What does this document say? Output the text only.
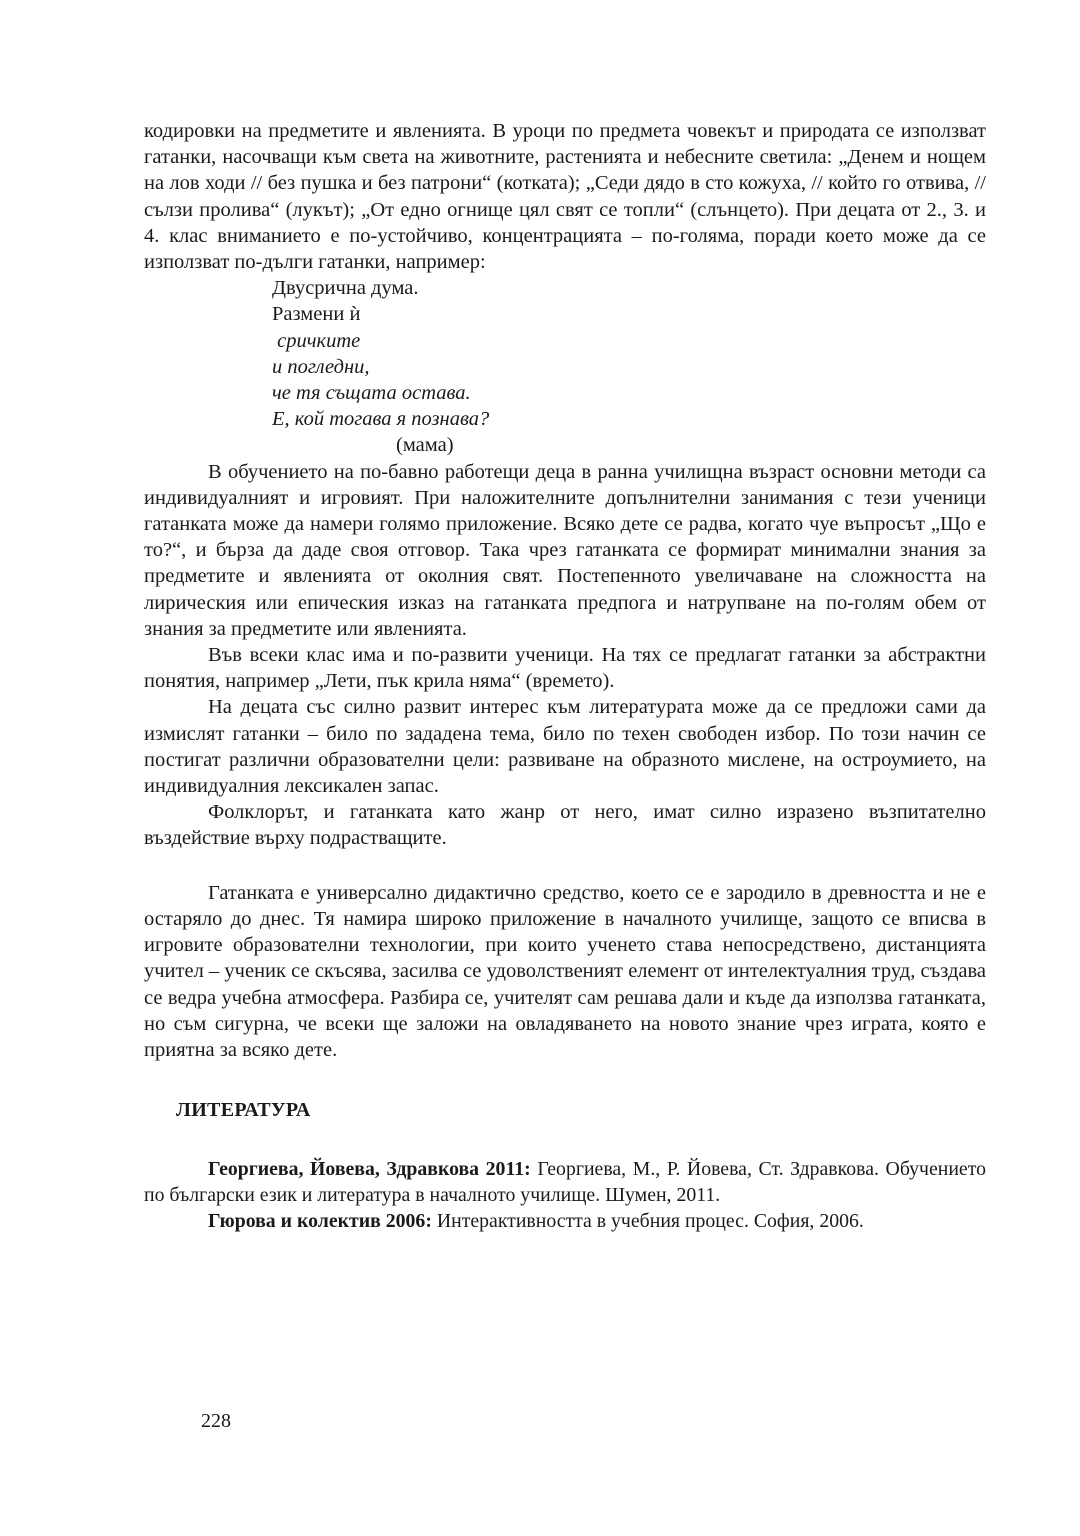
кодировки на предметите и явленията. В уроци по предмета човекът и природата се използват гатанки, насочващи към света на животните, растенията и небесните светила: „Денем и нощем на лов ходи // без пушка и без патрони“ (котката); „Седи дядо в сто кожуха, // който го отвива, // сълзи пролива“ (лукът); „От едно огнище цял свят се топли“ (слънцето). При децата от 2., 3. и 4. клас вниманието е по-устойчиво, концентрацията – по-голяма, поради което може да се използват по-дълги гатанки, например:

Двусрична дума.
Размени ѝ
сричките
и погледни,
че тя същата остава.
Е, кой тогава я познава?
(мама)

В обучението на по-бавно работещи деца в ранна училищна възраст основни методи са индивидуалният и игровият. При наложителните допълнителни занимания с тези ученици гатанката може да намери голямо приложение. Всяко дете се радва, когато чуе въпросът „Що е то?“, и бърза да даде своя отговор. Така чрез гатанката се формират минимални знания за предметите и явленията от околния свят. Постепенното увеличаване на сложността на лирическия или епическия изказ на гатанката предпога и натрупване на по-голям обем от знания за предметите или явленията.

Във всеки клас има и по-развити ученици. На тях се предлагат гатанки за абстрактни понятия, например „Лети, пък крила няма“ (времето).

На децата със силно развит интерес към литературата може да се предложи сами да измислят гатанки – било по зададена тема, било по техен свободен избор. По този начин се постигат различни образователни цели: развиване на образното мислене, на остроумието, на индивидуалния лексикален запас.

Фолклорът, и гатанката като жанр от него, имат силно изразено възпитателно въздействие върху подрастващите.

Гатанката е универсално дидактично средство, което се е зародило в древността и не е остаряло до днес. Тя намира широко приложение в началното училище, защото се вписва в игровите образователни технологии, при които ученето става непосредствено, дистанцията учител – ученик се скъсява, засилва се удоволственият елемент от интелектуалния труд, създава се ведра учебна атмосфера. Разбира се, учителят сам решава дали и къде да използва гатанката, но съм сигурна, че всеки ще заложи на овладяването на новото знание чрез играта, която е приятна за всяко дете.

ЛИТЕРАТУРА

Георгиева, Йовева, Здравкова 2011: Георгиева, М., Р. Йовева, Ст. Здравкова. Обучението по български език и литература в началното училище. Шумен, 2011.

Гюрова и колектив 2006: Интерактивността в учебния процес. София, 2006.

228
